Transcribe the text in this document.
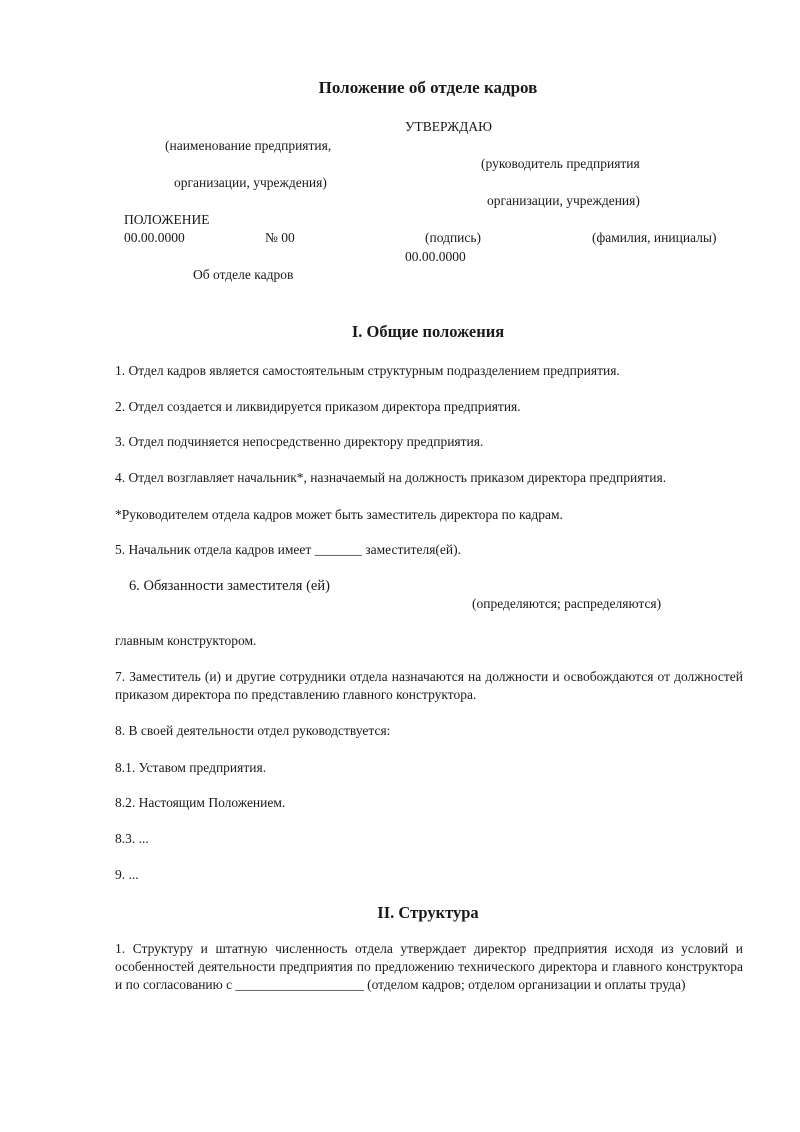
Положение об отделе кадров
УТВЕРЖДАЮ
(наименование предприятия,
(руководитель предприятия
организации, учреждения)
организации, учреждения)
ПОЛОЖЕНИЕ
00.00.0000	№ 00	(подпись)	(фамилия, инициалы)
00.00.0000
Об отделе кадров
I. Общие положения
1. Отдел кадров является самостоятельным структурным подразделением предприятия.
2. Отдел создается и ликвидируется приказом директора предприятия.
3. Отдел подчиняется непосредственно директору предприятия.
4. Отдел возглавляет начальник*, назначаемый на должность приказом директора предприятия.
*Руководителем отдела кадров может быть заместитель директора по кадрам.
5. Начальник отдела кадров имеет _______ заместителя(ей).
6. Обязанности заместителя (ей)
(определяются; распределяются)
главным конструктором.
7. Заместитель (и) и другие сотрудники отдела назначаются на должности и освобождаются от должностей приказом директора по представлению главного конструктора.
8. В своей деятельности отдел руководствуется:
8.1. Уставом предприятия.
8.2. Настоящим Положением.
8.3. ...
9. ...
II. Структура
1. Структуру и штатную численность отдела утверждает директор предприятия исходя из условий и особенностей деятельности предприятия по предложению технического директора и главного конструктора и по согласованию с ___________________ (отделом кадров; отделом организации и оплаты труда)
